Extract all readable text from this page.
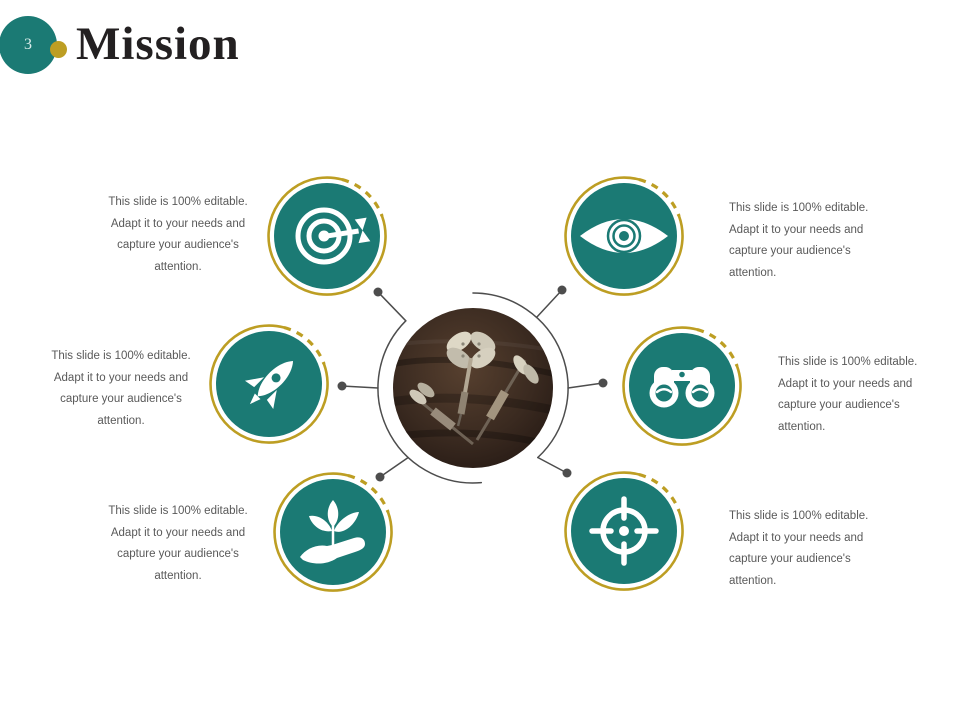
3 Mission

This slide is 100% editable. Adapt it to your needs and capture your audience's attention.

This slide is 100% editable. Adapt it to your needs and capture your audience's attention.

This slide is 100% editable. Adapt it to your needs and capture your audience's attention.

This slide is 100% editable. Adapt it to your needs and capture your audience's attention.

This slide is 100% editable. Adapt it to your needs and capture your audience's attention.

This slide is 100% editable. Adapt it to your needs and capture your audience's attention.
